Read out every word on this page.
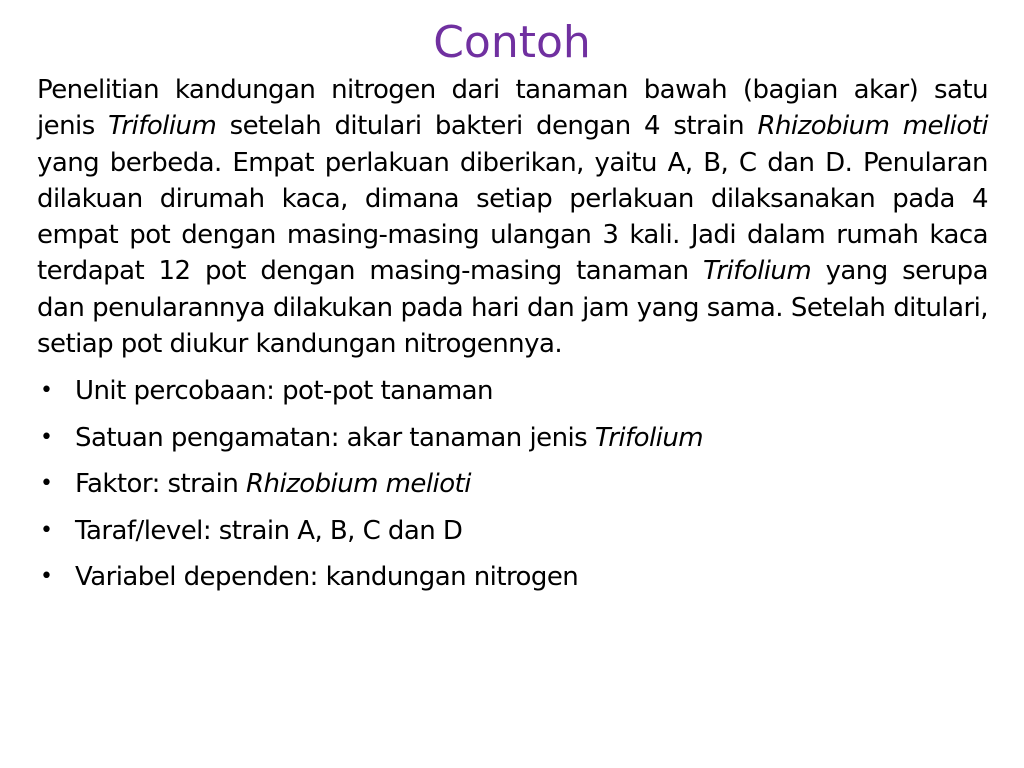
Contoh

Penelitian kandungan nitrogen dari tanaman bawah (bagian akar) satu jenis Trifolium setelah ditulari bakteri dengan 4 strain Rhizobium melioti yang berbeda. Empat perlakuan diberikan, yaitu A, B, C dan D. Penularan dilakuan dirumah kaca, dimana setiap perlakuan dilaksanakan pada 4 empat pot dengan masing-masing ulangan 3 kali. Jadi dalam rumah kaca terdapat 12 pot dengan masing-masing tanaman Trifolium yang serupa dan penularannya dilakukan pada hari dan jam yang sama. Setelah ditulari, setiap pot diukur kandungan nitrogennya.

• Unit percobaan: pot-pot tanaman
• Satuan pengamatan: akar tanaman jenis Trifolium
• Faktor: strain Rhizobium melioti
• Taraf/level: strain A, B, C dan D
• Variabel dependen: kandungan nitrogen
